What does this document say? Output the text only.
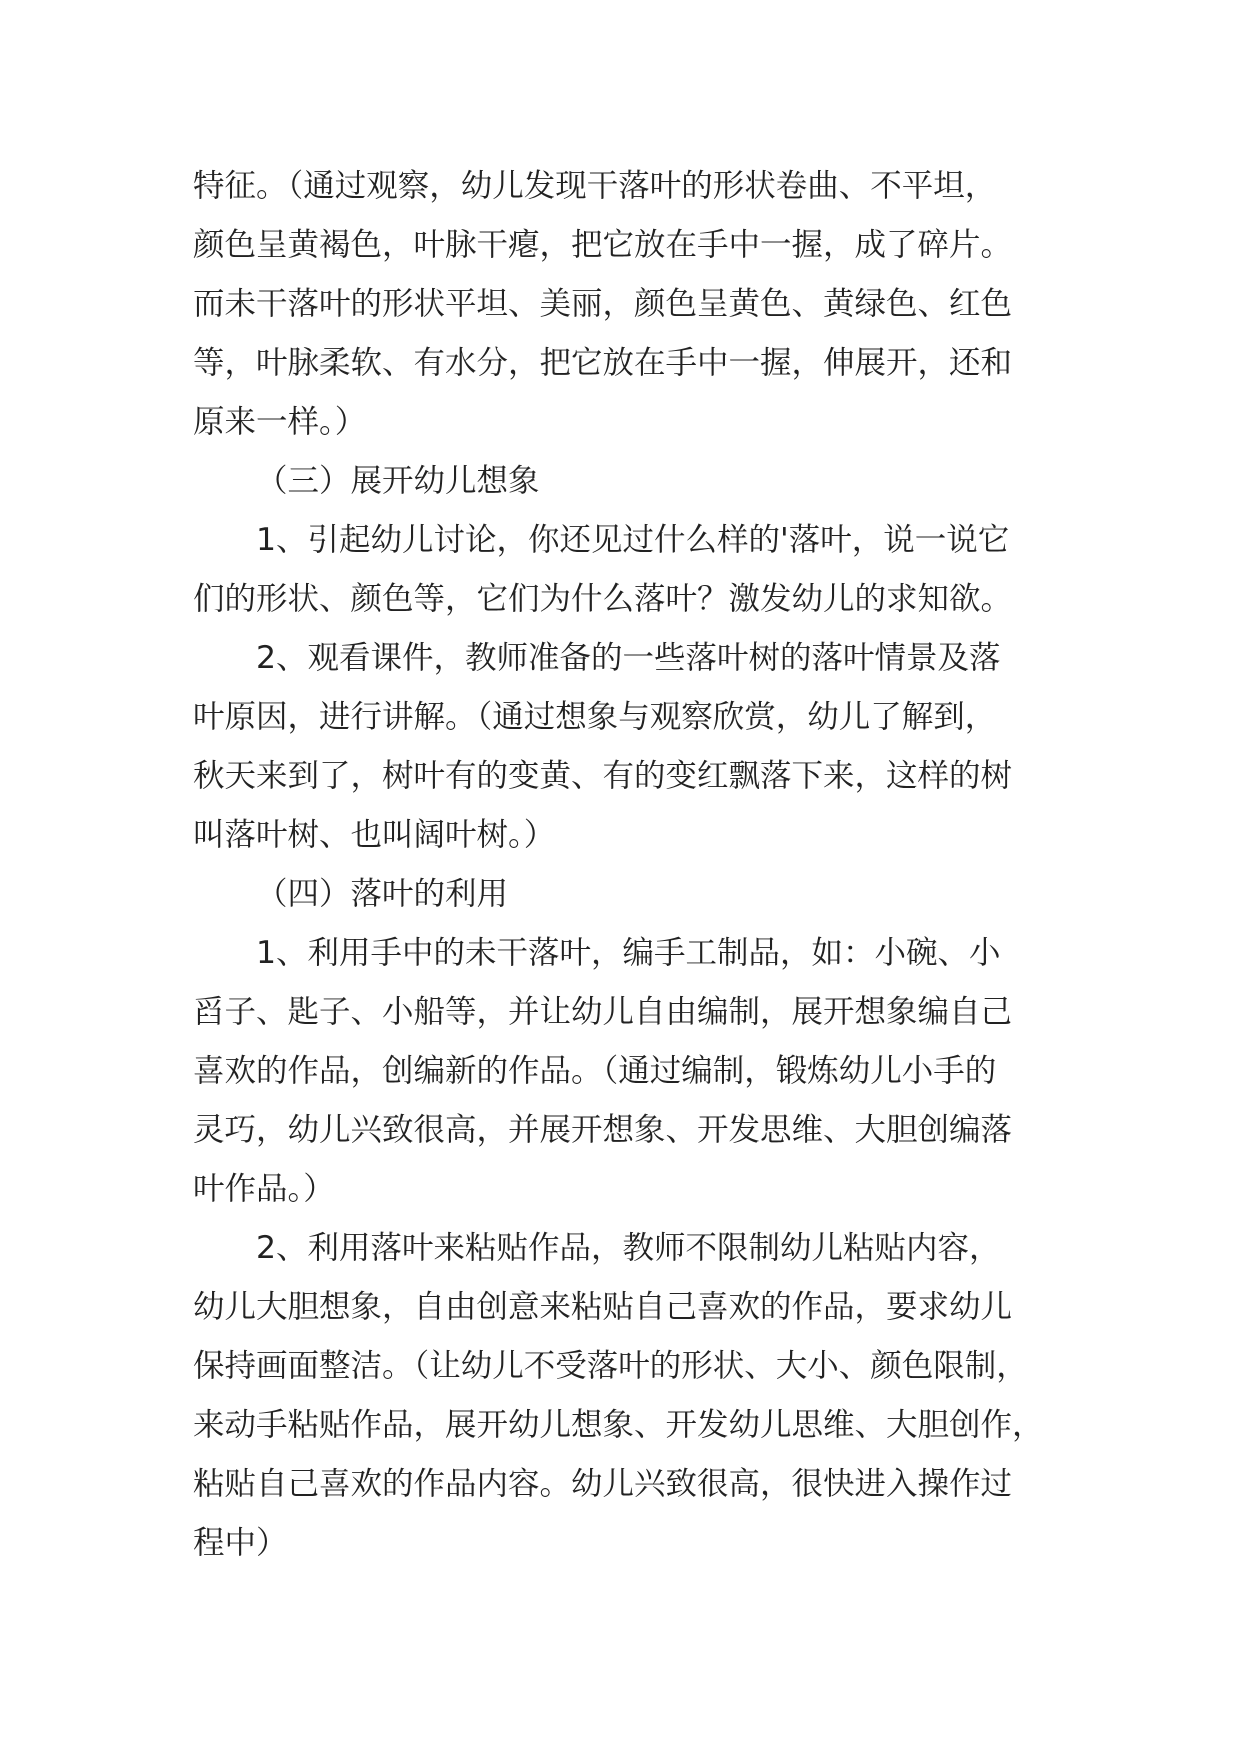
特征。（通过观察，幼儿发现干落叶的形状卷曲、不平坦，

颜色呈黄褐色，叶脉干瘪，把它放在手中一握，成了碎片。

而未干落叶的形状平坦、美丽，颜色呈黄色、黄绿色、红色

等，叶脉柔软、有水分，把它放在手中一握，伸展开，还和

原来一样。）

（三）展开幼儿想象

1、引起幼儿讨论，你还见过什么样的'落叶，说一说它

们的形状、颜色等，它们为什么落叶？激发幼儿的求知欲。

2、观看课件，教师准备的一些落叶树的落叶情景及落

叶原因，进行讲解。（通过想象与观察欣赏，幼儿了解到，

秋天来到了，树叶有的变黄、有的变红飘落下来，这样的树

叫落叶树、也叫阔叶树。）

（四）落叶的利用

1、利用手中的未干落叶，编手工制品，如：小碗、小

舀子、匙子、小船等，并让幼儿自由编制，展开想象编自己

喜欢的作品，创编新的作品。（通过编制，锻炼幼儿小手的

灵巧，幼儿兴致很高，并展开想象、开发思维、大胆创编落

叶作品。）

2、利用落叶来粘贴作品，教师不限制幼儿粘贴内容，

幼儿大胆想象，自由创意来粘贴自己喜欢的作品，要求幼儿

保持画面整洁。（让幼儿不受落叶的形状、大小、颜色限制，

来动手粘贴作品，展开幼儿想象、开发幼儿思维、大胆创作，

粘贴自己喜欢的作品内容。幼儿兴致很高，很快进入操作过

程中）
